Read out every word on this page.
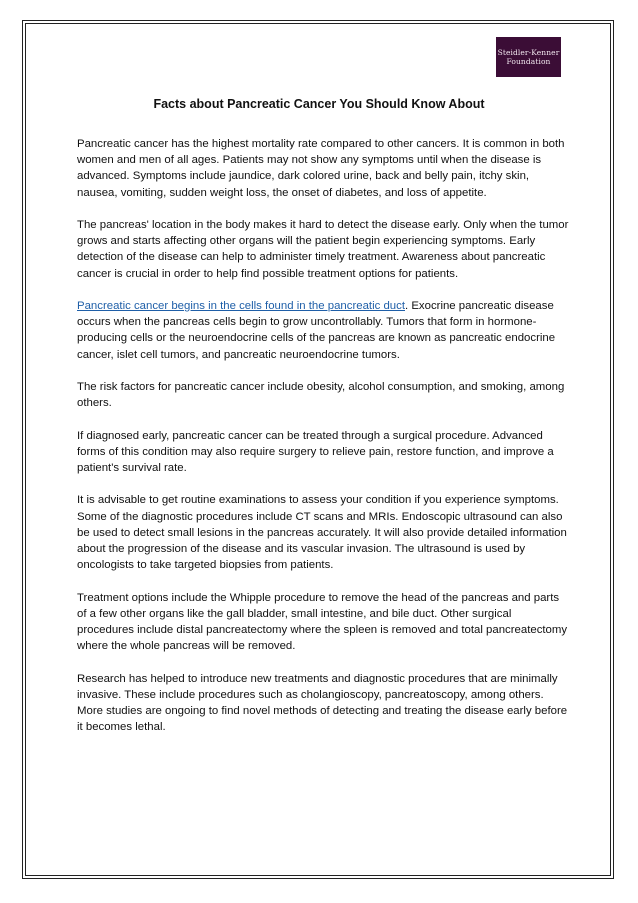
Steidler-Kenner
Foundation
Facts about Pancreatic Cancer You Should Know About

Pancreatic cancer has the highest mortality rate compared to other cancers. It is common in both women and men of all ages. Patients may not show any symptoms until when the disease is advanced. Symptoms include jaundice, dark colored urine, back and belly pain, itchy skin, nausea, vomiting, sudden weight loss, the onset of diabetes, and loss of appetite.

The pancreas' location in the body makes it hard to detect the disease early. Only when the tumor grows and starts affecting other organs will the patient begin experiencing symptoms. Early detection of the disease can help to administer timely treatment. Awareness about pancreatic cancer is crucial in order to help find possible treatment options for patients.

Pancreatic cancer begins in the cells found in the pancreatic duct. Exocrine pancreatic disease occurs when the pancreas cells begin to grow uncontrollably. Tumors that form in hormone-producing cells or the neuroendocrine cells of the pancreas are known as pancreatic endocrine cancer, islet cell tumors, and pancreatic neuroendocrine tumors.

The risk factors for pancreatic cancer include obesity, alcohol consumption, and smoking, among others.

If diagnosed early, pancreatic cancer can be treated through a surgical procedure. Advanced forms of this condition may also require surgery to relieve pain, restore function, and improve a patient's survival rate.

It is advisable to get routine examinations to assess your condition if you experience symptoms. Some of the diagnostic procedures include CT scans and MRIs. Endoscopic ultrasound can also be used to detect small lesions in the pancreas accurately. It will also provide detailed information about the progression of the disease and its vascular invasion. The ultrasound is used by oncologists to take targeted biopsies from patients.

Treatment options include the Whipple procedure to remove the head of the pancreas and parts of a few other organs like the gall bladder, small intestine, and bile duct. Other surgical procedures include distal pancreatectomy where the spleen is removed and total pancreatectomy where the whole pancreas will be removed.

Research has helped to introduce new treatments and diagnostic procedures that are minimally invasive. These include procedures such as cholangioscopy, pancreatoscopy, among others. More studies are ongoing to find novel methods of detecting and treating the disease early before it becomes lethal.
